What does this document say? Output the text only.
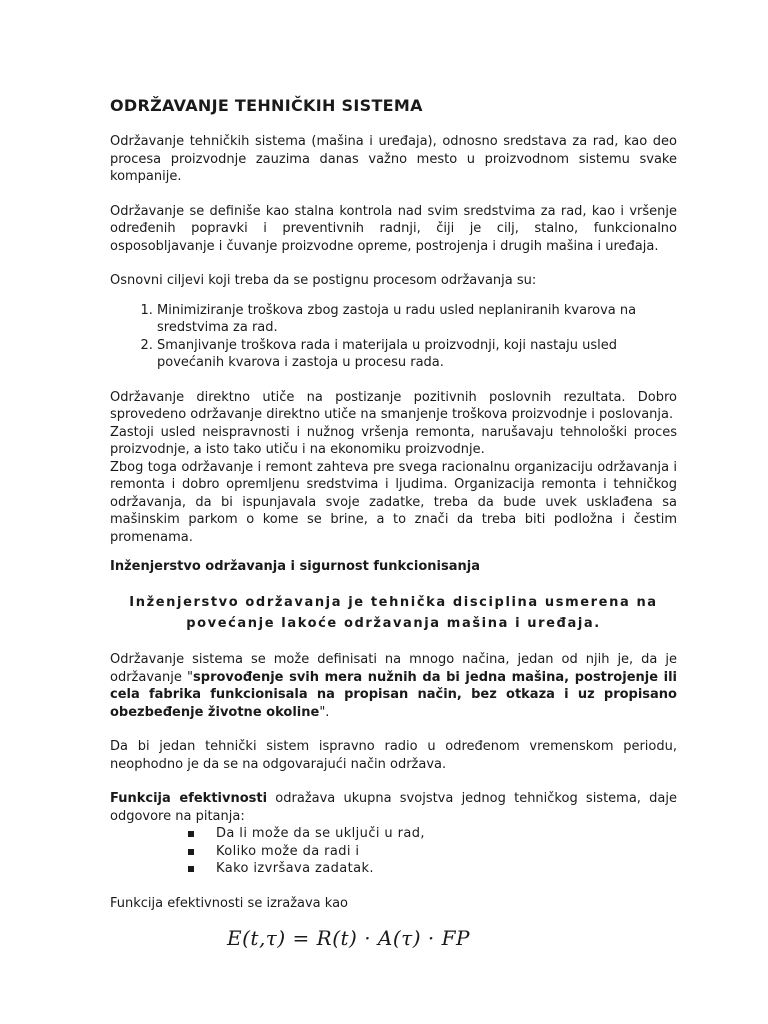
ODRŽAVANJE TEHNIČKIH SISTEMA

Održavanje tehničkih sistema (mašina i uređaja), odnosno sredstava za rad, kao deo procesa proizvodnje zauzima danas važno mesto u proizvodnom sistemu svake kompanije.

Održavanje se definiše kao stalna kontrola nad svim sredstvima za rad, kao i vršenje određenih popravki i preventivnih radnji, čiji je cilj, stalno, funkcionalno osposobljavanje i čuvanje proizvodne opreme, postrojenja i drugih mašina i uređaja.

Osnovni ciljevi koji treba da se postignu procesom održavanja su:

1. Minimiziranje troškova zbog zastoja u radu usled neplaniranih kvarova na sredstvima za rad.
2. Smanjivanje troškova rada i materijala u proizvodnji, koji nastaju usled povećanih kvarova i zastoja u procesu rada.

Održavanje direktno utiče na postizanje pozitivnih poslovnih rezultata. Dobro sprovedeno održavanje direktno utiče na smanjenje troškova proizvodnje i poslovanja.

Zastoji usled neispravnosti i nužnog vršenja remonta, narušavaju tehnološki proces proizvodnje, a isto tako utiču i na ekonomiku proizvodnje.

Zbog toga održavanje i remont zahteva pre svega racionalnu organizaciju održavanja i remonta i dobro opremljenu sredstvima i ljudima. Organizacija remonta i tehničkog održavanja, da bi ispunjavala svoje zadatke, treba da bude uvek usklađena sa mašinskim parkom o kome se brine, a to znači da treba biti podložna i čestim promenama.

Inženjerstvo održavanja i sigurnost funkcionisanja
Inženjerstvo održavanja je tehnička disciplina usmerena na povećanje lakoće održavanja mašina i uređaja.

Održavanje sistema se može definisati na mnogo načina, jedan od njih je, da je održavanje "sprovođenje svih mera nužnih da bi jedna mašina, postrojenje ili cela fabrika funkcionisala na propisan način, bez otkaza i uz propisano obezbeđenje životne okoline".

Da bi jedan tehnički sistem ispravno radio u određenom vremenskom periodu, neophodno je da se na odgovarajući način održava.

Funkcija efektivnosti odražava ukupna svojstva jednog tehničkog sistema, daje odgovore na pitanja:

Da li može da se uključi u rad,
Koliko može da radi i
Kako izvršava zadatak.

Funkcija efektivnosti se izražava kao

E(t,τ) = R(t) · A(τ) · FP
